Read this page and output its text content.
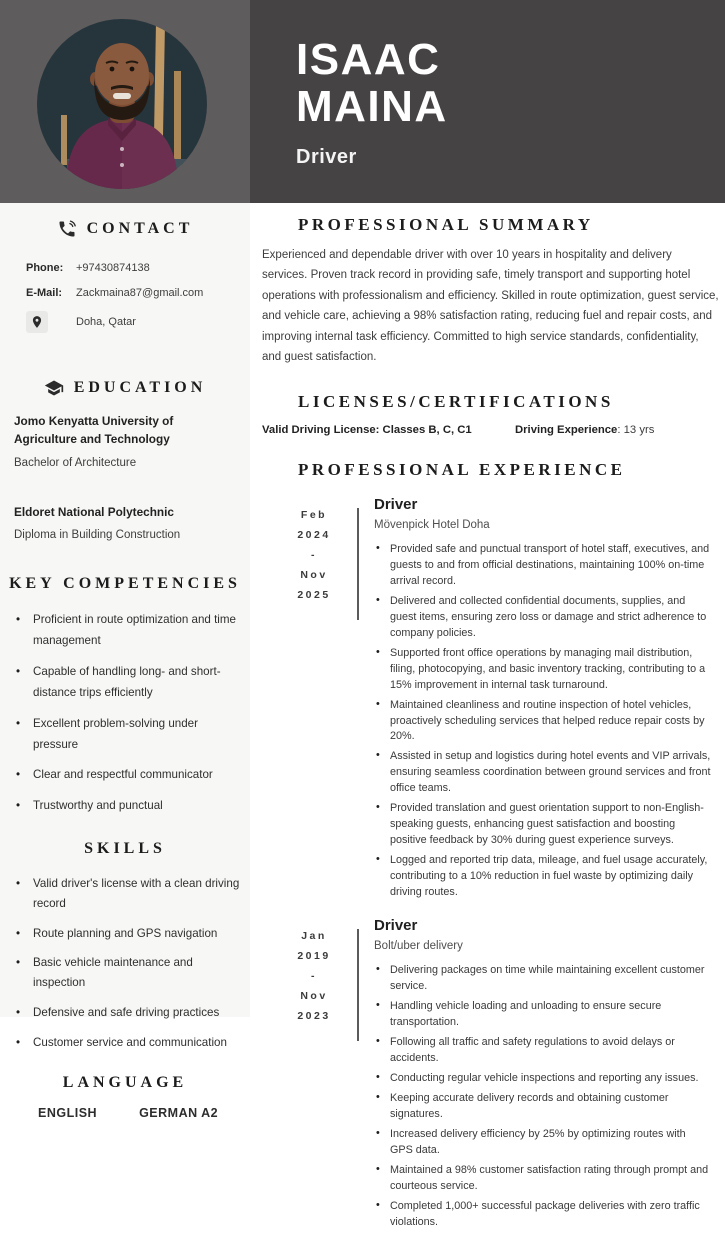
ISAAC
MAINA
Driver
CONTACT
Phone:	+97430874138
E-Mail:	Zackmaina87@gmail.com
Doha, Qatar
EDUCATION
Jomo Kenyatta University of Agriculture and Technology
Bachelor of Architecture
Eldoret National Polytechnic
Diploma in Building Construction
KEY COMPETENCIES
• Proficient in route optimization and time management
• Capable of handling long- and short-distance trips efficiently
• Excellent problem-solving under pressure
• Clear and respectful communicator
• Trustworthy and punctual
SKILLS
• Valid driver's license with a clean driving record
• Route planning and GPS navigation
• Basic vehicle maintenance and inspection
• Defensive and safe driving practices
• Customer service and communication
LANGUAGE
ENGLISH	GERMAN A2
PROFESSIONAL SUMMARY

Experienced and dependable driver with over 10 years in hospitality and delivery services. Proven track record in providing safe, timely transport and supporting hotel operations with professionalism and efficiency. Skilled in route optimization, guest service, and vehicle care, achieving a 98% satisfaction rating, reducing fuel and repair costs, and improving internal task efficiency. Committed to high service standards, confidentiality, and guest satisfaction.

LICENSES/CERTIFICATIONS
Valid Driving License: Classes B, C, C1	Driving Experience: 13 yrs
PROFESSIONAL EXPERIENCE
Feb
2024
-
Nov
2025
Driver
Mövenpick Hotel Doha
• Provided safe and punctual transport of hotel staff, executives, and guests to and from official destinations, maintaining 100% on-time arrival record.
• Delivered and collected confidential documents, supplies, and guest items, ensuring zero loss or damage and strict adherence to company policies.
• Supported front office operations by managing mail distribution, filing, photocopying, and basic inventory tracking, contributing to a 15% improvement in internal task turnaround.
• Maintained cleanliness and routine inspection of hotel vehicles, proactively scheduling services that helped reduce repair costs by 20%.
• Assisted in setup and logistics during hotel events and VIP arrivals, ensuring seamless coordination between ground services and front office teams.
• Provided translation and guest orientation support to non-English-speaking guests, enhancing guest satisfaction and boosting positive feedback by 30% during guest experience surveys.
• Logged and reported trip data, mileage, and fuel usage accurately, contributing to a 10% reduction in fuel waste by optimizing daily driving routes.
Jan
2019
-
Nov
2023
Driver
Bolt/uber delivery
• Delivering packages on time while maintaining excellent customer service.
• Handling vehicle loading and unloading to ensure secure transportation.
• Following all traffic and safety regulations to avoid delays or accidents.
• Conducting regular vehicle inspections and reporting any issues.
• Keeping accurate delivery records and obtaining customer signatures.
• Increased delivery efficiency by 25% by optimizing routes with GPS data.
• Maintained a 98% customer satisfaction rating through prompt and courteous service.
• Completed 1,000+ successful package deliveries with zero traffic violations.
